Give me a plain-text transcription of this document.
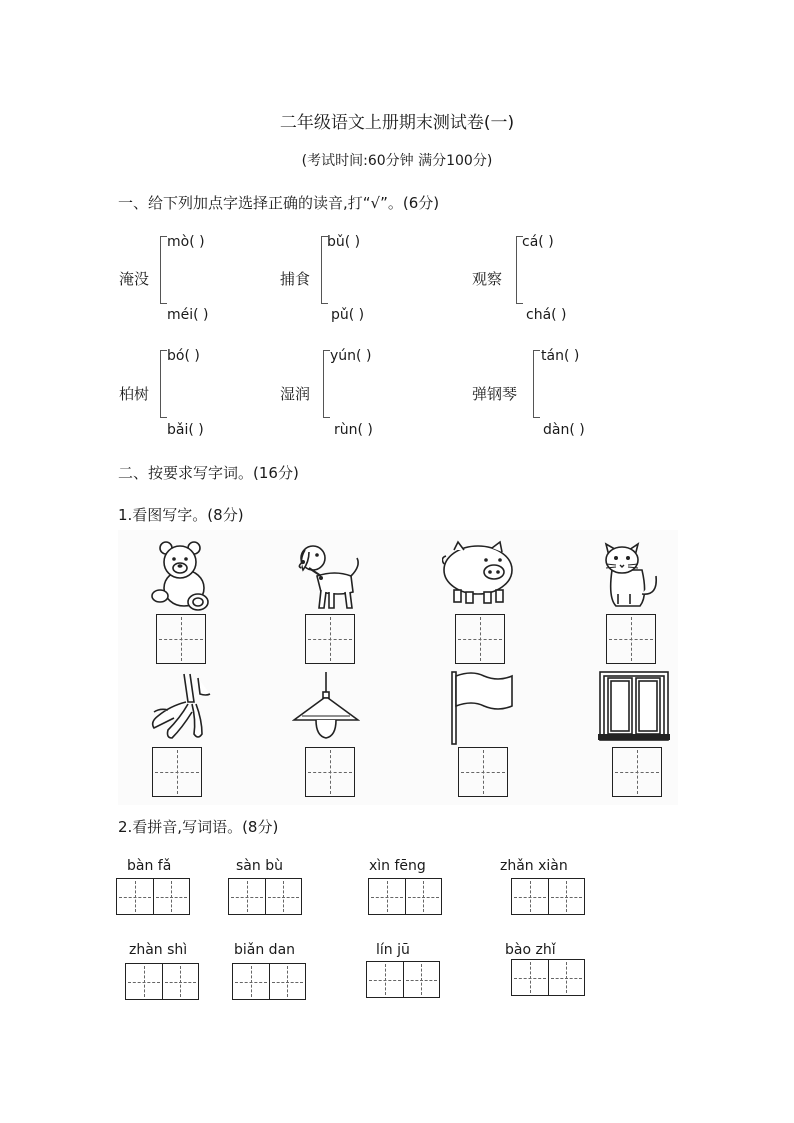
二年级语文上册期末测试卷(一)
(考试时间:60分钟 满分100分)
一、给下列加点字选择正确的读音,打“√”。(6分)
淹没
mò( )
méi( )
捕食
bǔ( )
pǔ( )
观察
cá( )
chá( )
柏树
bó( )
bǎi( )
湿润
yún( )
rùn( )
弹钢琴
tán( )
dàn( )
二、按要求写字词。(16分)
1.看图写字。(8分)
2.看拼音,写词语。(8分)
bàn fǎ	sàn bù	xìn fēng	zhǎn xiàn
zhàn shì	biǎn dan	lín jū	bào zhǐ
